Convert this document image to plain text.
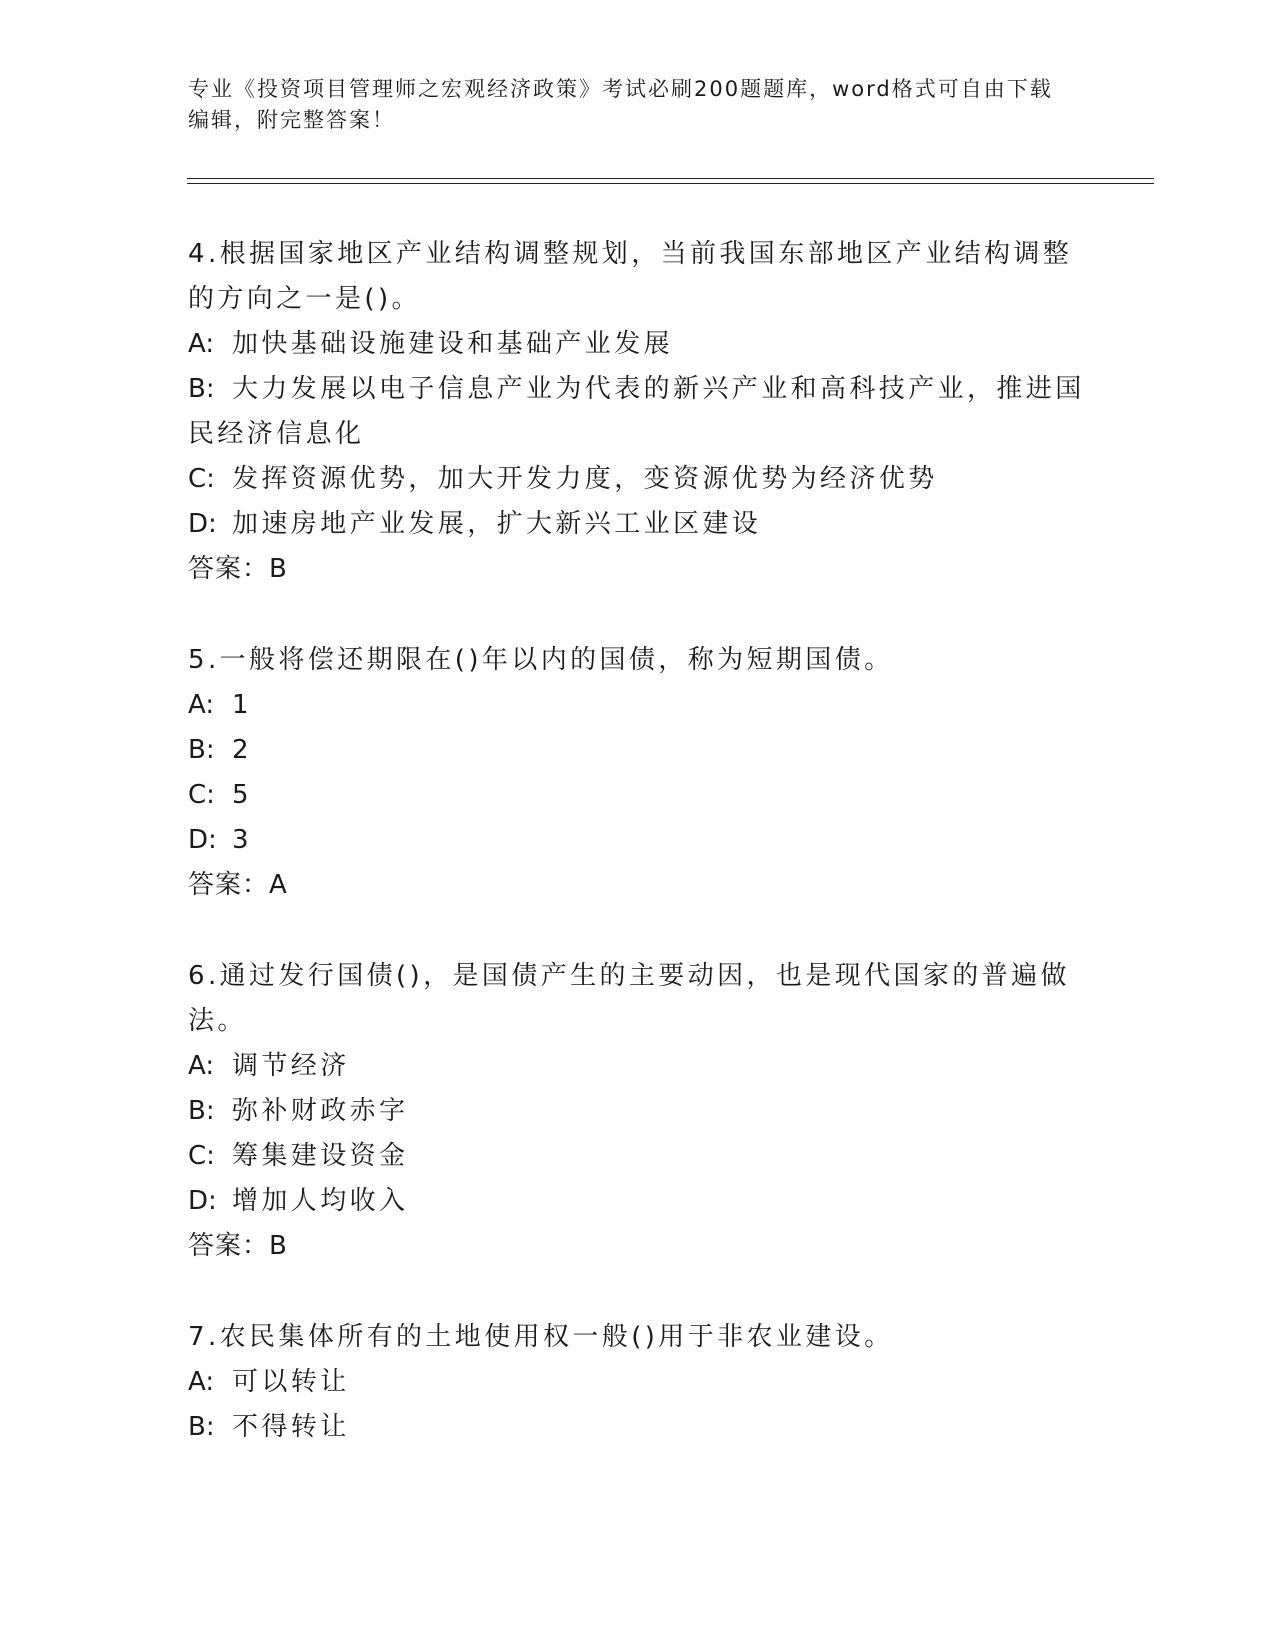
专业《投资项目管理师之宏观经济政策》考试必刷200题题库，word格式可自由下载编辑，附完整答案！

4.根据国家地区产业结构调整规划，当前我国东部地区产业结构调整的方向之一是()。

A: 加快基础设施建设和基础产业发展

B: 大力发展以电子信息产业为代表的新兴产业和高科技产业，推进国民经济信息化

C: 发挥资源优势，加大开发力度，变资源优势为经济优势

D: 加速房地产业发展，扩大新兴工业区建设

答案：B

5.一般将偿还期限在()年以内的国债，称为短期国债。

A: 1

B: 2

C: 5

D: 3

答案：A

6.通过发行国债()，是国债产生的主要动因，也是现代国家的普遍做法。

A: 调节经济

B: 弥补财政赤字

C: 筹集建设资金

D: 增加人均收入

答案：B

7.农民集体所有的土地使用权一般()用于非农业建设。

A: 可以转让

B: 不得转让
